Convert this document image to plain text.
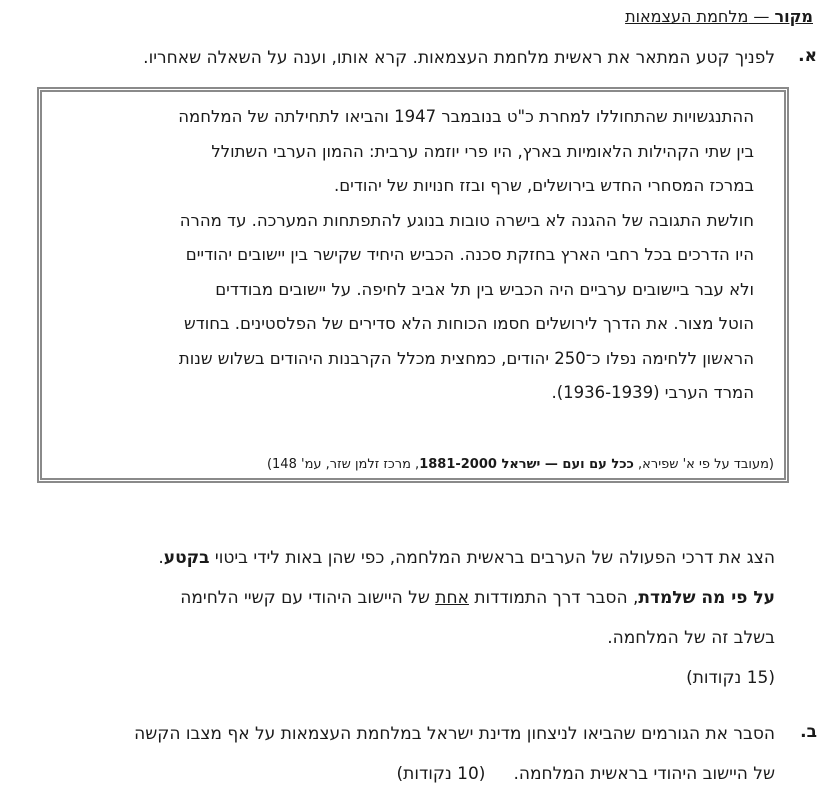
מקור — מלחמת העצמאות
א.
לפניך קטע המתאר את ראשית מלחמת העצמאות. קרא אותו, וענה על השאלה שאחריו.

ההתנגשויות שהתחוללו למחרת כ"ט בנובמבר 1947 והביאו לתחילתה של המלחמה

בין שתי הקהילות הלאומיות בארץ, היו פרי יוזמה ערבית: ההמון הערבי השתולל

במרכז המסחרי החדש בירושלים, שרף ובזז חנויות של יהודים.

חולשת התגובה של ההגנה לא בישרה טובות בנוגע להתפתחות המערכה. עד מהרה

היו הדרכים בכל רחבי הארץ בחזקת סכנה. הכביש היחיד שקישר בין יישובים יהודיים

ולא עבר ביישובים ערביים היה הכביש בין תל אביב לחיפה. על יישובים מבודדים

הוטל מצור. את הדרך לירושלים חסמו הכוחות הלא סדירים של הפלסטינים. בחודש

הראשון ללחימה נפלו כ־250 יהודים, כמחצית מכלל הקרבנות היהודים בשלוש שנות

המרד הערבי (1936-1939).

(מעובד על פי א' שפירא, ככל עם ועם — ישראל 1881-2000, מרכז זלמן שזר, עמ' 148)
הצג את דרכי הפעולה של הערבים בראשית המלחמה, כפי שהן באות לידי ביטוי בקטע.
על פי מה שלמדת, הסבר דרך התמודדות אחת של היישוב היהודי עם קשיי הלחימה
בשלב זה של המלחמה.
(15 נקודות)
ב.
הסבר את הגורמים שהביאו לניצחון מדינת ישראל במלחמת העצמאות על אף מצבו הקשה
של היישוב היהודי בראשית המלחמה.(10 נקודות)
